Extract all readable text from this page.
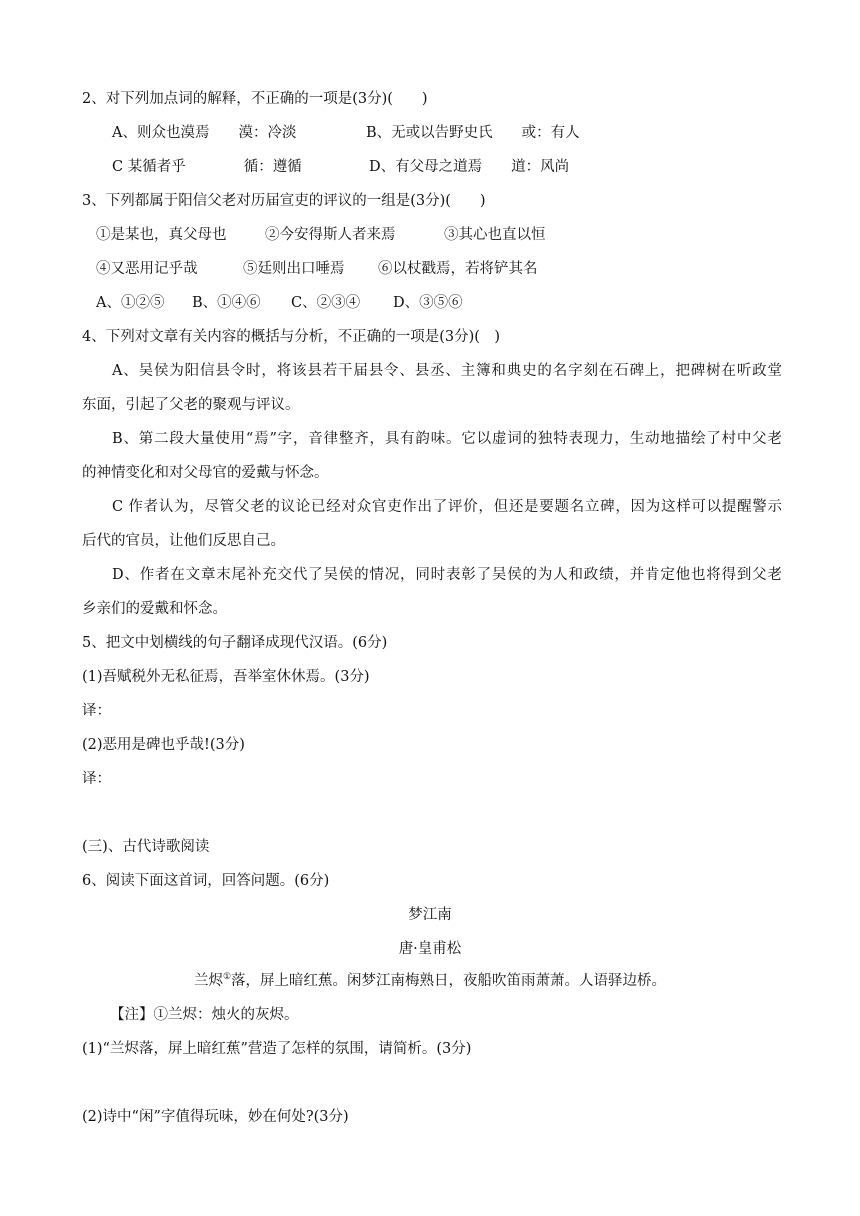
2、对下列加点词的解释，不正确的一项是(3分)(　　)
A、则众也漠焉　　漠：冷淡	B、无或以告野史氏　　或：有人
C 某循者乎　　　　循：遵循	D、有父母之道焉　　道：风尚
3、下列都属于阳信父老对历届宣吏的评议的一组是(3分)(　　)
①是某也，真父母也	②今安得斯人者来焉	③其心也直以恒
④又恶用记乎哉	⑤廷则出口唾焉 ⑥以杖戳焉，若将铲其名
A、①②⑤ B、①④⑥ C、②③④ D、③⑤⑥
4、下列对文章有关内容的概括与分析，不正确的一项是(3分)(　)
A、吴侯为阳信县令时，将该县若干届县令、县丞、主簿和典史的名字刻在石碑上，把碑树在听政堂
东面，引起了父老的聚观与评议。
B、第二段大量使用“焉”字，音律整齐，具有韵味。它以虚词的独特表现力，生动地描绘了村中父老
的神情变化和对父母官的爱戴与怀念。
C 作者认为，尽管父老的议论已经对众官吏作出了评价，但还是要题名立碑，因为这样可以提醒警示
后代的官员，让他们反思自己。
D、作者在文章末尾补充交代了吴侯的情况，同时表彰了吴侯的为人和政绩，并肯定他也将得到父老
乡亲们的爱戴和怀念。
5、把文中划横线的句子翻译成现代汉语。(6分)
(1)吾赋税外无私征焉，吾举室休休焉。(3分)
译：
(2)恶用是碑也乎哉!(3分)
译：
(三)、古代诗歌阅读
6、阅读下面这首词，回答问题。(6分)
梦江南
唐·皇甫松
兰烬①落，屏上暗红蕉。闲梦江南梅熟日，夜船吹笛雨萧萧。人语驿边桥。
【注】①兰烬：烛火的灰烬。
(1)“兰烬落，屏上暗红蕉”营造了怎样的氛围，请简析。(3分)
(2)诗中“闲”字值得玩味，妙在何处?(3分)
